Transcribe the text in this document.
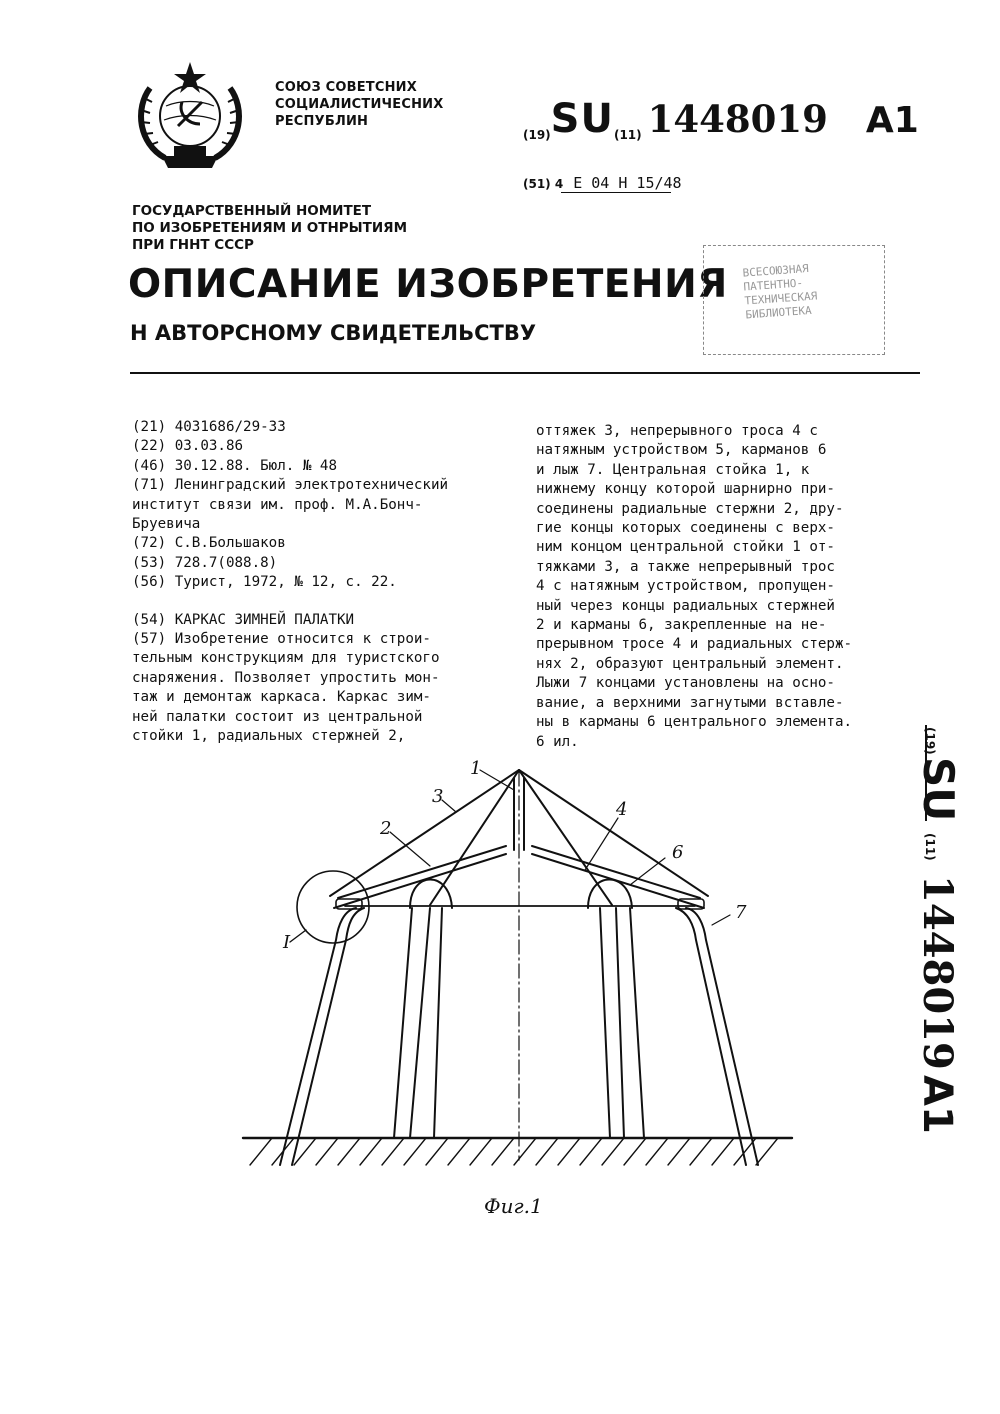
СОЮЗ СОВЕТСНИХ
СОЦИАЛИСТИЧЕСНИХ
РЕСПУБЛИН
(19)SU(11) 1448019 A1
(51) 4 Е 04 Н 15/48
ГОСУДАРСТВЕННЫЙ НОМИТЕТ
ПО ИЗОБРЕТЕНИЯМ И ОТНРЫТИЯМ
ПРИ ГННТ СССР
ОПИСАНИЕ ИЗОБРЕТЕНИЯ
Н АВТОРСНОМУ СВИДЕТЕЛЬСТВУ
ВСЕСОЮЗНАЯ
ПАТЕНТНО-
ТЕХНИЧЕСКАЯ
БИБЛИОТЕКА
(21) 4031686/29-33
(22) 03.03.86
(46) 30.12.88. Бюл. № 48
(71) Ленинградский электротехнический
институт связи им. проф. М.А.Бонч-
Бруевича
(72) С.В.Большаков
(53) 728.7(088.8)
(56) Турист, 1972, № 12, с. 22.
(54) КАРКАС ЗИМНЕЙ ПАЛАТКИ
(57) Изобретение относится к строи-
тельным конструкциям для туристского
снаряжения. Позволяет упростить мон-
таж и демонтаж каркаса. Каркас зим-
ней палатки состоит из центральной
стойки 1, радиальных стержней 2,
оттяжек 3, непрерывного троса 4 с
натяжным устройством 5, карманов 6
и лыж 7. Центральная стойка 1, к
нижнему концу которой шарнирно при-
соединены радиальные стержни 2, дру-
гие концы которых соединены с верх-
ним концом центральной стойки 1 от-
тяжками 3, а также непрерывный трос
4 с натяжным устройством, пропущен-
ный через концы радиальных стержней
2 и карманы 6, закрепленные на не-
прерывном тросе 4 и радиальных стерж-
нях 2, образуют центральный элемент.
Лыжи 7 концами установлены на осно-
вание, а верхними загнутыми вставле-
ны в карманы 6 центрального элемента.
6 ил.	(19)
SU
(11)
1448019
A1
1
2
3
4
6
7
I
Фиг.1
